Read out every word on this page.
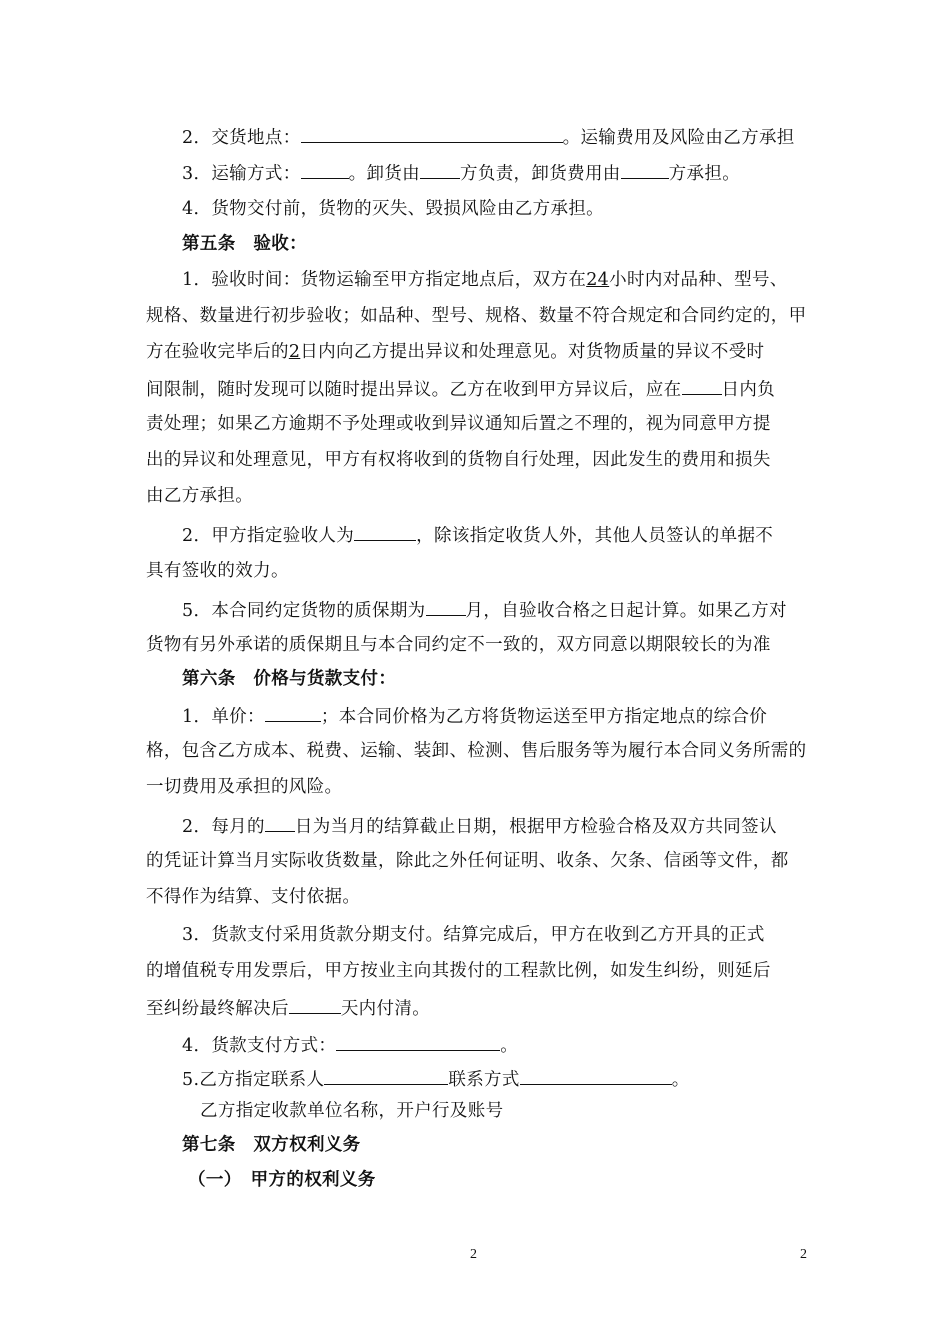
2．交货地点：	。运输费用及风险由乙方承担
3．运输方式：	。卸货由 方负责，卸货费用由	方承担。
4．货物交付前，货物的灭失、毁损风险由乙方承担。
第五条　验收：
1．验收时间：货物运输至甲方指定地点后，双方在24小时内对品种、型号、
规格、数量进行初步验收；如品种、型号、规格、数量不符合规定和合同约定的，甲
方在验收完毕后的2日内向乙方提出异议和处理意见。对货物质量的异议不受时
间限制，随时发现可以随时提出异议。乙方在收到甲方异议后，应在 日内负
责处理；如果乙方逾期不予处理或收到异议通知后置之不理的，视为同意甲方提
出的异议和处理意见，甲方有权将收到的货物自行处理，因此发生的费用和损失
由乙方承担。
2．甲方指定验收人为	，除该指定收货人外，其他人员签认的单据不
具有签收的效力。
5．本合同约定货物的质保期为 月，自验收合格之日起计算。如果乙方对
货物有另外承诺的质保期且与本合同约定不一致的，双方同意以期限较长的为准
第六条　价格与货款支付：
1．单价：	；本合同价格为乙方将货物运送至甲方指定地点的综合价
格，包含乙方成本、税费、运输、装卸、检测、售后服务等为履行本合同义务所需的
一切费用及承担的风险。
2．每月的 日为当月的结算截止日期，根据甲方检验合格及双方共同签认
的凭证计算当月实际收货数量，除此之外任何证明、收条、欠条、信函等文件，都
不得作为结算、支付依据。
3．货款支付采用货款分期支付。结算完成后，甲方在收到乙方开具的正式
的增值税专用发票后，甲方按业主向其拨付的工程款比例，如发生纠纷，则延后
至纠纷最终解决后	天内付清。
4．货款支付方式：	。
5.乙方指定联系人	联系方式	。
乙方指定收款单位名称，开户行及账号
第七条　双方权利义务
（一）　甲方的权利义务
2	2
